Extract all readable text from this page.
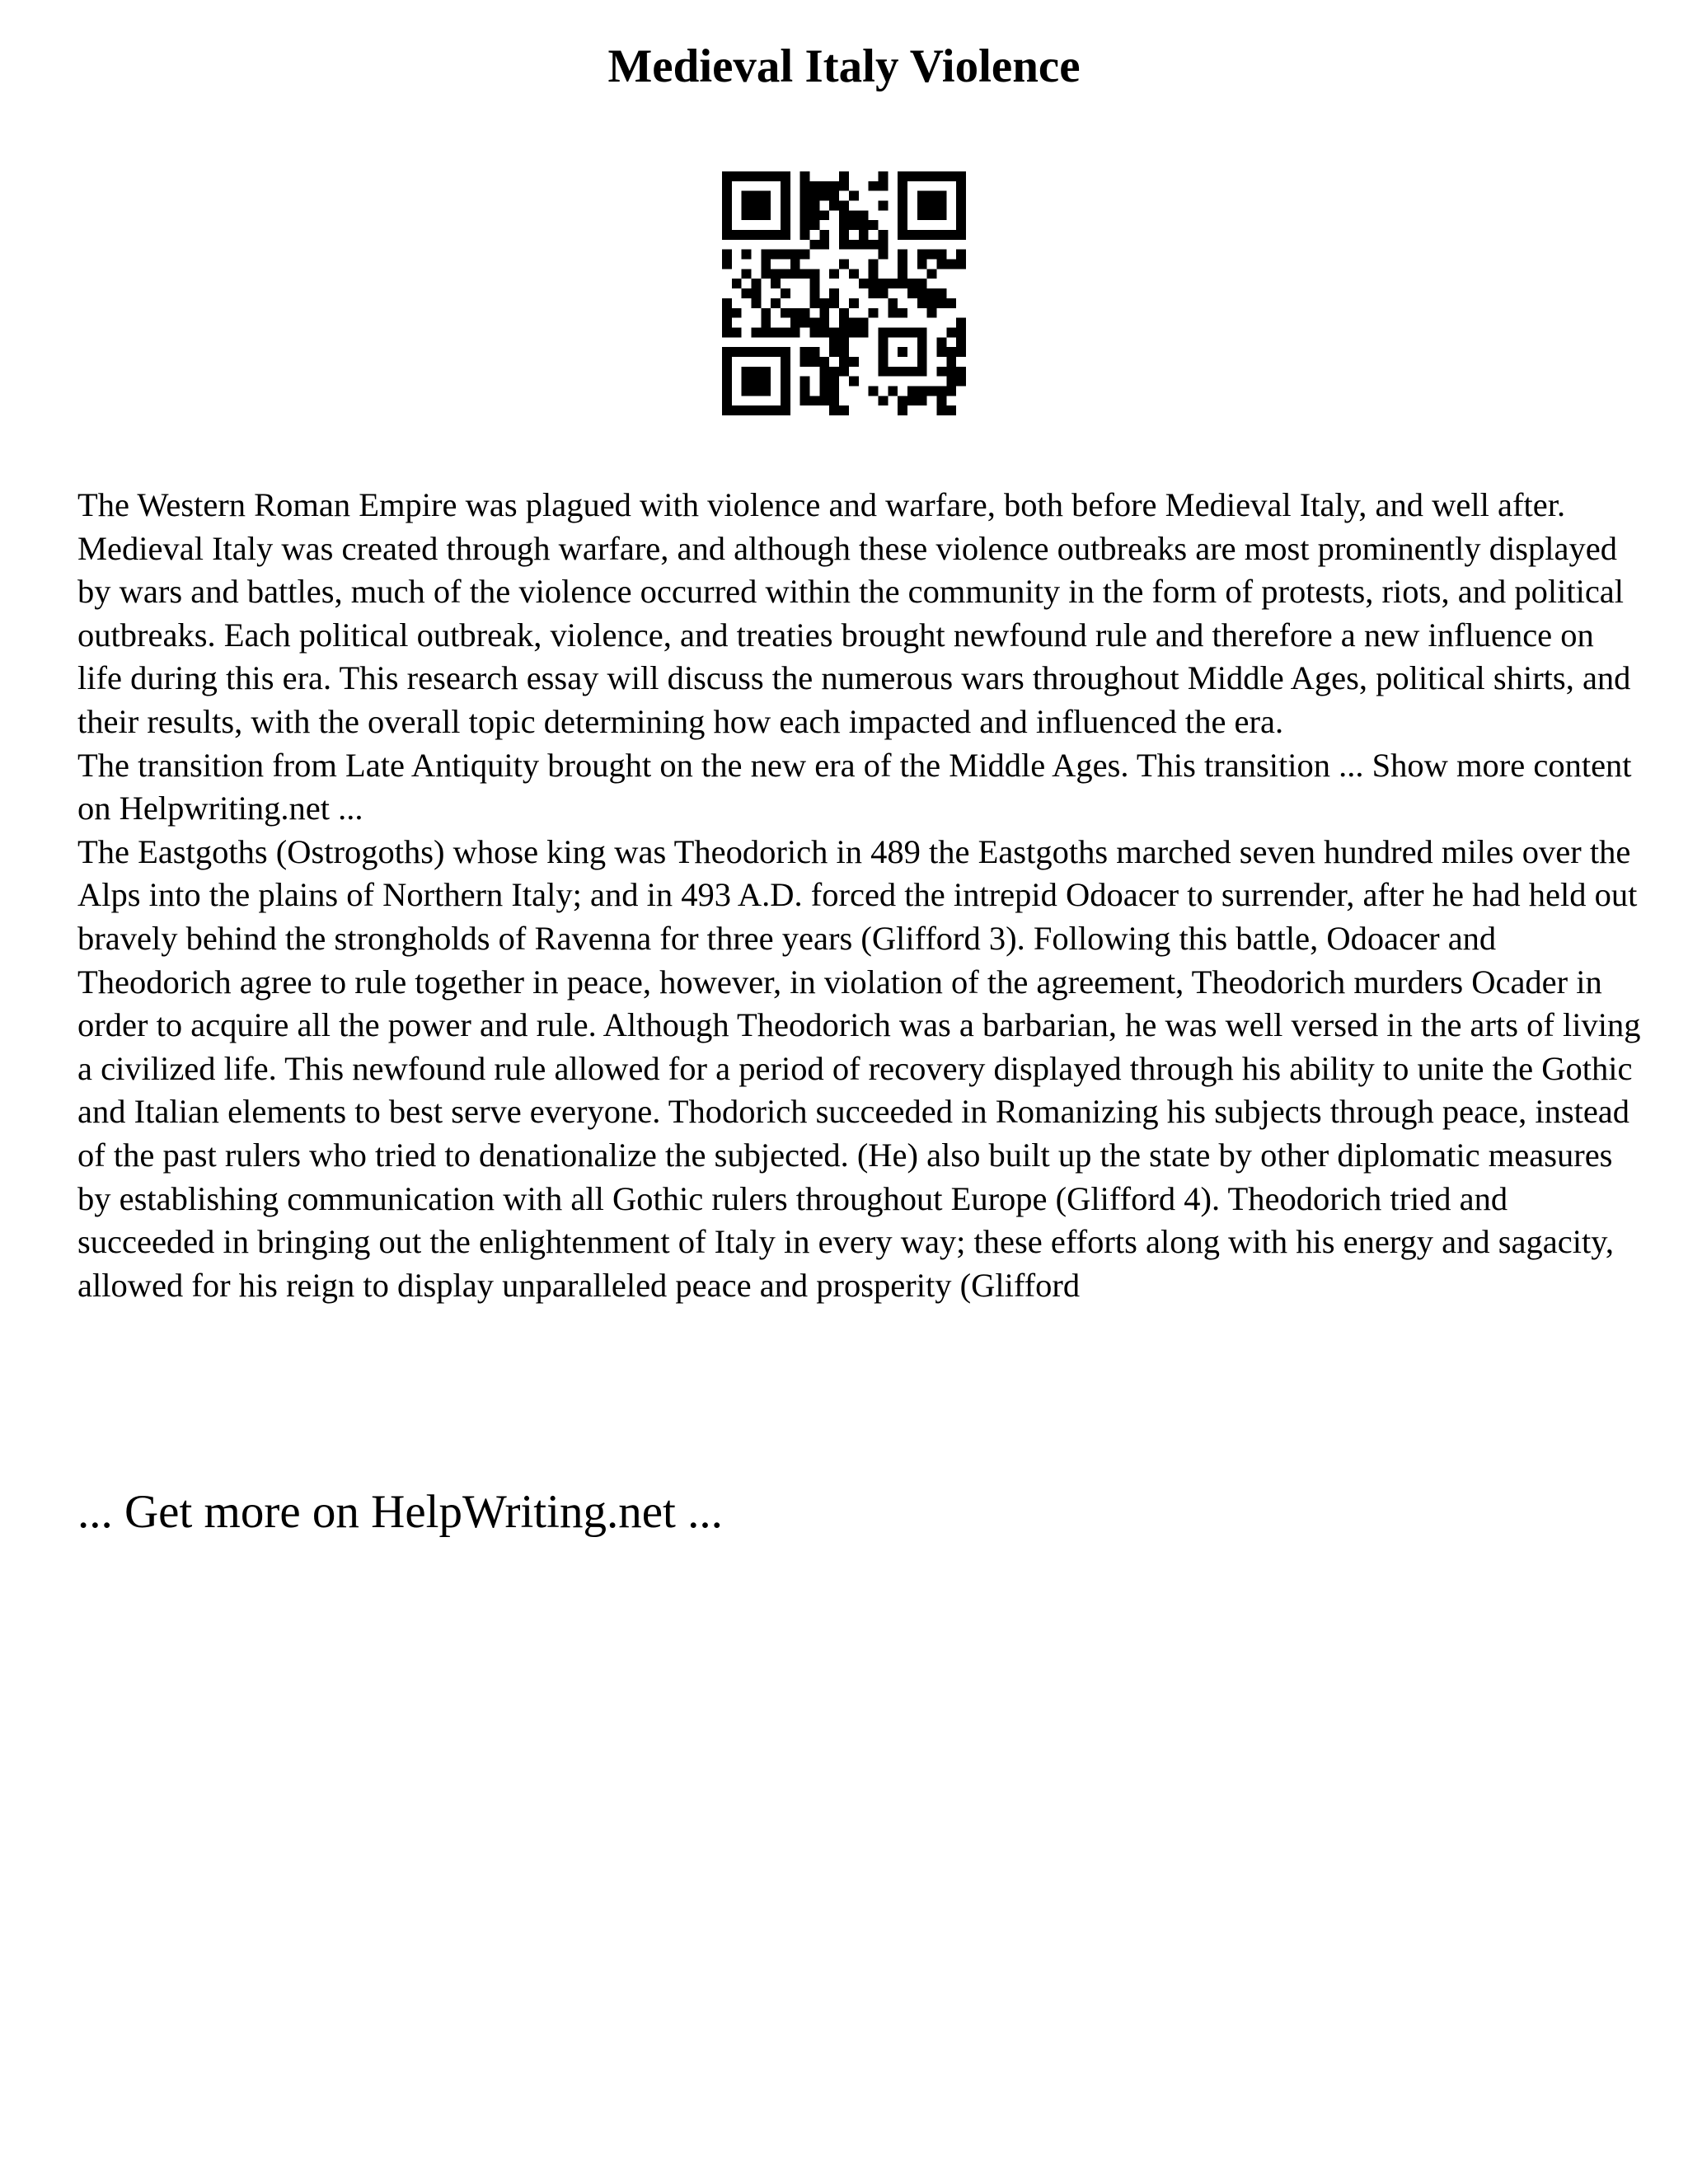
Medieval Italy Violence

The Western Roman Empire was plagued with violence and warfare, both before Medieval Italy, and well after. Medieval Italy was created through warfare, and although these violence outbreaks are most prominently displayed by wars and battles, much of the violence occurred within the community in the form of protests, riots, and political outbreaks. Each political outbreak, violence, and treaties brought newfound rule and therefore a new influence on life during this era. This research essay will discuss the numerous wars throughout Middle Ages, political shirts, and their results, with the overall topic determining how each impacted and influenced the era.

The transition from Late Antiquity brought on the new era of the Middle Ages. This transition ... Show more content on Helpwriting.net ...

The Eastgoths (Ostrogoths) whose king was Theodorich in 489 the Eastgoths marched seven hundred miles over the Alps into the plains of Northern Italy; and in 493 A.D. forced the intrepid Odoacer to surrender, after he had held out bravely behind the strongholds of Ravenna for three years (Glifford 3). Following this battle, Odoacer and Theodorich agree to rule together in peace, however, in violation of the agreement, Theodorich murders Ocader in order to acquire all the power and rule. Although Theodorich was a barbarian, he was well versed in the arts of living a civilized life. This newfound rule allowed for a period of recovery displayed through his ability to unite the Gothic and Italian elements to best serve everyone. Thodorich succeeded in Romanizing his subjects through peace, instead of the past rulers who tried to denationalize the subjected. (He) also built up the state by other diplomatic measures by establishing communication with all Gothic rulers throughout Europe (Glifford 4). Theodorich tried and succeeded in bringing out the enlightenment of Italy in every way; these efforts along with his energy and sagacity, allowed for his reign to display unparalleled peace and prosperity (Glifford

... Get more on HelpWriting.net ...
